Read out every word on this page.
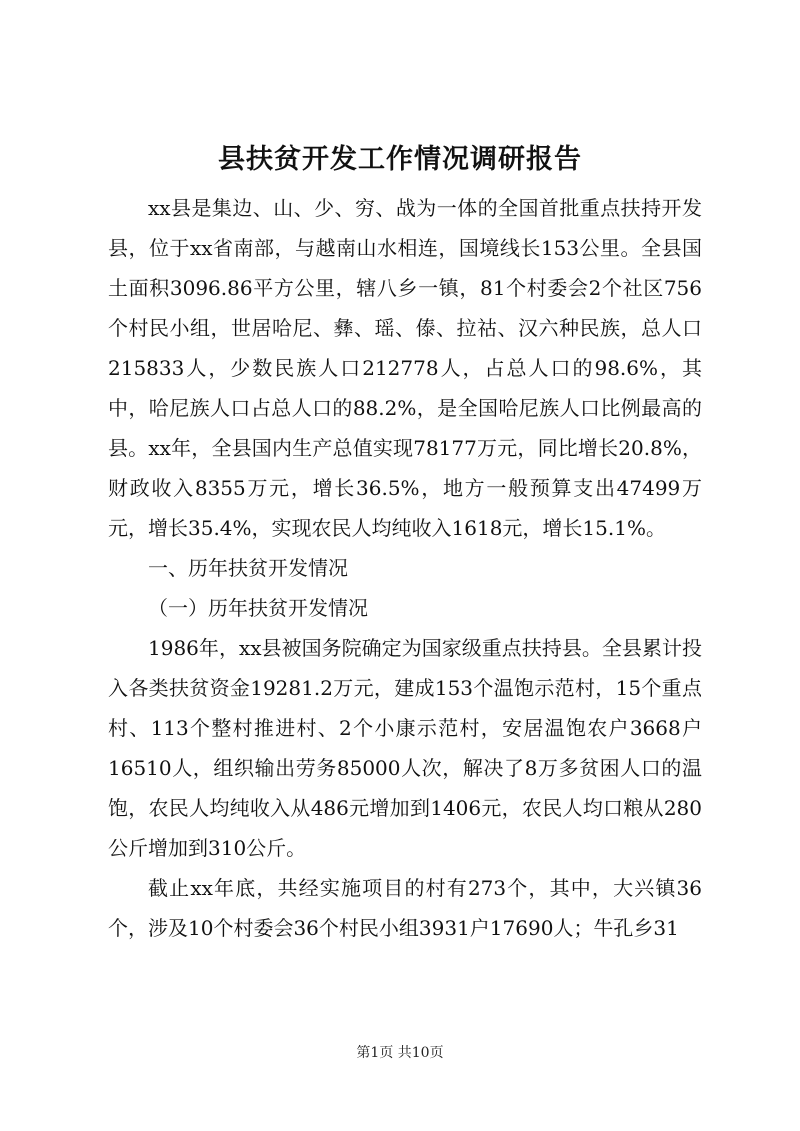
县扶贫开发工作情况调研报告

xx县是集边、山、少、穷、战为一体的全国首批重点扶持开发县，位于xx省南部，与越南山水相连，国境线长153公里。全县国土面积3096.86平方公里，辖八乡一镇，81个村委会2个社区756个村民小组，世居哈尼、彝、瑶、傣、拉祜、汉六种民族，总人口215833人，少数民族人口212778人，占总人口的98.6%，其中，哈尼族人口占总人口的88.2%，是全国哈尼族人口比例最高的县。xx年，全县国内生产总值实现78177万元，同比增长20.8%，财政收入8355万元，增长36.5%，地方一般预算支出47499万元，增长35.4%，实现农民人均纯收入1618元，增长15.1%。

一、历年扶贫开发情况

（一）历年扶贫开发情况

1986年，xx县被国务院确定为国家级重点扶持县。全县累计投入各类扶贫资金19281.2万元，建成153个温饱示范村，15个重点村、113个整村推进村、2个小康示范村，安居温饱农户3668户16510人，组织输出劳务85000人次，解决了8万多贫困人口的温饱，农民人均纯收入从486元增加到1406元，农民人均口粮从280公斤增加到310公斤。

截止xx年底，共经实施项目的村有273个，其中，大兴镇36个，涉及10个村委会36个村民小组3931户17690人；牛孔乡31

第1页 共10页
